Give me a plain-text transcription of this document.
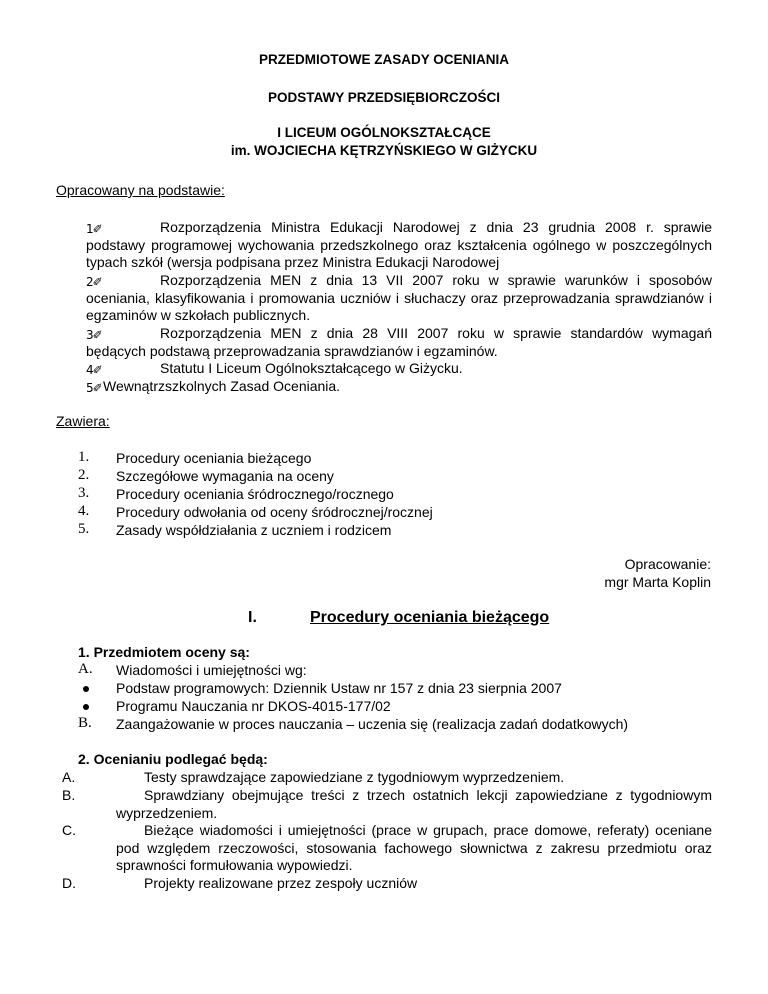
PRZEDMIOTOWE ZASADY OCENIANIA
PODSTAWY PRZEDSIĘBIORCZOŚCI
I LICEUM OGÓLNOKSZTAŁCĄCE
im. WOJCIECHA KĘTRZYŃSKIEGO W GIŻYCKU
Opracowany na podstawie:
1✐	Rozporządzenia Ministra Edukacji Narodowej z dnia 23 grudnia 2008 r. sprawie podstawy programowej wychowania przedszkolnego oraz kształcenia ogólnego w poszczególnych typach szkół (wersja podpisana przez Ministra Edukacji Narodowej
2✐	Rozporządzenia MEN z dnia 13 VII 2007 roku w sprawie warunków i sposobów oceniania, klasyfikowania i promowania uczniów i słuchaczy oraz przeprowadzania sprawdzianów i egzaminów w szkołach publicznych.
3✐	Rozporządzenia MEN z dnia 28 VIII 2007 roku w sprawie standardów wymagań będących podstawą przeprowadzania sprawdzianów i egzaminów.
4✐	Statutu I Liceum Ogólnokształcącego w Giżycku.
5✐ Wewnątrzszkolnych Zasad Oceniania.
Zawiera:
1. Procedury oceniania bieżącego
2. Szczegółowe wymagania na oceny
3. Procedury oceniania śródrocznego/rocznego
4. Procedury odwołania od oceny śródrocznej/rocznej
5. Zasady współdziałania z uczniem i rodzicem
Opracowanie:
mgr Marta Koplin
I.	Procedury oceniania bieżącego
1. Przedmiotem oceny są:
A. Wiadomości i umiejętności wg:
Podstaw programowych: Dziennik Ustaw nr 157 z dnia 23 sierpnia 2007
Programu Nauczania nr DKOS-4015-177/02
B. Zaangażowanie w proces nauczania – uczenia się (realizacja zadań dodatkowych)
2. Ocenianiu podlegać będą:
A.	Testy sprawdzające zapowiedziane z tygodniowym wyprzedzeniem.
B.	Sprawdziany obejmujące treści z trzech ostatnich lekcji zapowiedziane z tygodniowym wyprzedzeniem.
C.	Bieżące wiadomości i umiejętności (prace w grupach, prace domowe, referaty) oceniane pod względem rzeczowości, stosowania fachowego słownictwa z zakresu przedmiotu oraz sprawności formułowania wypowiedzi.
D.	Projekty realizowane przez zespoły uczniów
